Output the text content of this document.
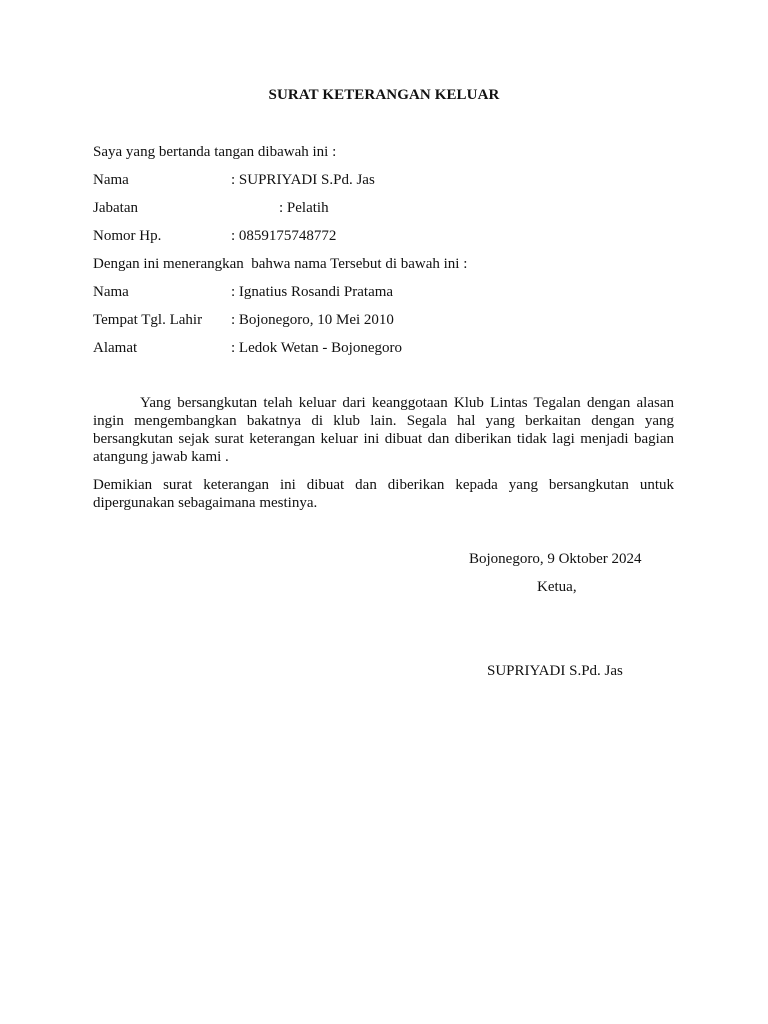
SURAT KETERANGAN KELUAR
Saya yang bertanda tangan dibawah ini :
Nama	: SUPRIYADI S.Pd. Jas
Jabatan	: Pelatih
Nomor Hp.	: 0859175748772
Dengan ini menerangkan  bahwa nama Tersebut di bawah ini :
Nama	: Ignatius Rosandi Pratama
Tempat Tgl. Lahir : Bojonegoro, 10 Mei 2010
Alamat	: Ledok Wetan - Bojonegoro

Yang bersangkutan telah keluar dari keanggotaan Klub Lintas Tegalan dengan alasan ingin mengembangkan bakatnya di klub lain. Segala hal yang berkaitan dengan yang bersangkutan sejak surat keterangan keluar ini dibuat dan diberikan tidak lagi menjadi bagian atangung jawab kami .

Demikian surat keterangan ini dibuat dan diberikan kepada yang bersangkutan untuk dipergunakan sebagaimana mestinya.

Bojonegoro, 9 Oktober 2024
Ketua,
SUPRIYADI S.Pd. Jas
